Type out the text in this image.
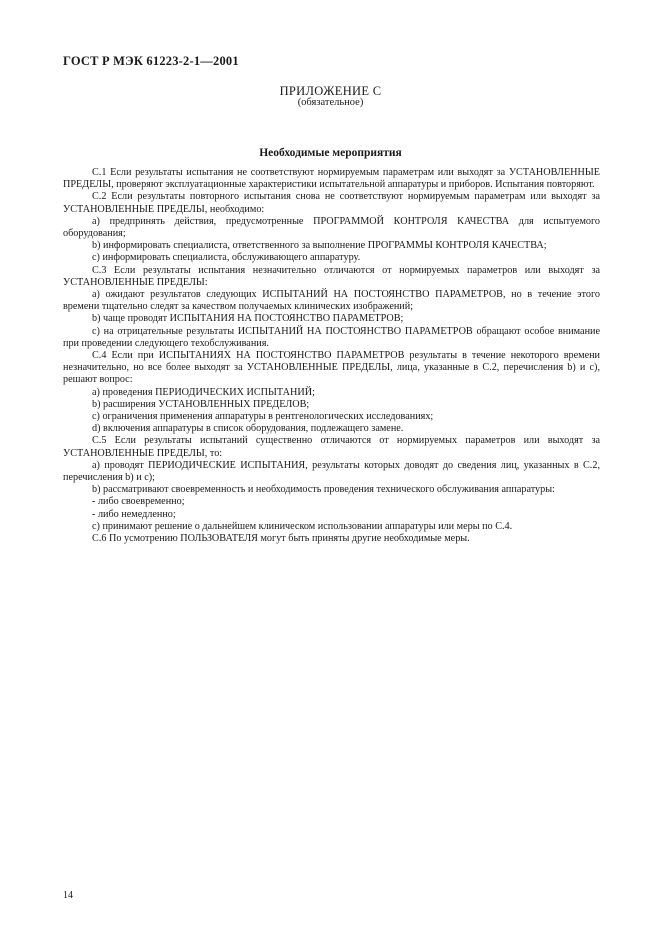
ГОСТ Р МЭК 61223-2-1—2001
ПРИЛОЖЕНИЕ С
(обязательное)
Необходимые мероприятия

С.1 Если результаты испытания не соответствуют нормируемым параметрам или выходят за УСТАНОВЛЕННЫЕ ПРЕДЕЛЫ, проверяют эксплуатационные характеристики испытательной аппаратуры и приборов. Испытания повторяют.

С.2 Если результаты повторного испытания снова не соответствуют нормируемым параметрам или выходят за УСТАНОВЛЕННЫЕ ПРЕДЕЛЫ, необходимо:

а) предпринять действия, предусмотренные ПРОГРАММОЙ КОНТРОЛЯ КАЧЕСТВА для испытуемого оборудования;

b) информировать специалиста, ответственного за выполнение ПРОГРАММЫ КОНТРОЛЯ КАЧЕСТВА;

с) информировать специалиста, обслуживающего аппаратуру.

С.3 Если результаты испытания незначительно отличаются от нормируемых параметров или выходят за УСТАНОВЛЕННЫЕ ПРЕДЕЛЫ:

а) ожидают результатов следующих ИСПЫТАНИЙ НА ПОСТОЯНСТВО ПАРАМЕТРОВ, но в течение этого времени тщательно следят за качеством получаемых клинических изображений;

b) чаще проводят ИСПЫТАНИЯ НА ПОСТОЯНСТВО ПАРАМЕТРОВ;

с) на отрицательные результаты ИСПЫТАНИЙ НА ПОСТОЯНСТВО ПАРАМЕТРОВ обращают особое внимание при проведении следующего техобслуживания.

С.4 Если при ИСПЫТАНИЯХ НА ПОСТОЯНСТВО ПАРАМЕТРОВ результаты в течение некоторого времени незначительно, но все более выходят за УСТАНОВЛЕННЫЕ ПРЕДЕЛЫ, лица, указанные в С.2, перечисления b) и с), решают вопрос:

а) проведения ПЕРИОДИЧЕСКИХ ИСПЫТАНИЙ;

b) расширения УСТАНОВЛЕННЫХ ПРЕДЕЛОВ;

с) ограничения применения аппаратуры в рентгенологических исследованиях;

d) включения аппаратуры в список оборудования, подлежащего замене.

С.5 Если результаты испытаний существенно отличаются от нормируемых параметров или выходят за УСТАНОВЛЕННЫЕ ПРЕДЕЛЫ, то:

а) проводят ПЕРИОДИЧЕСКИЕ ИСПЫТАНИЯ, результаты которых доводят до сведения лиц, указанных в С.2, перечисления b) и с);

b) рассматривают своевременность и необходимость проведения технического обслуживания аппаратуры:

- либо своевременно;

- либо немедленно;

с) принимают решение о дальнейшем клиническом использовании аппаратуры или меры по С.4.

С.6 По усмотрению ПОЛЬЗОВАТЕЛЯ могут быть приняты другие необходимые меры.

14
